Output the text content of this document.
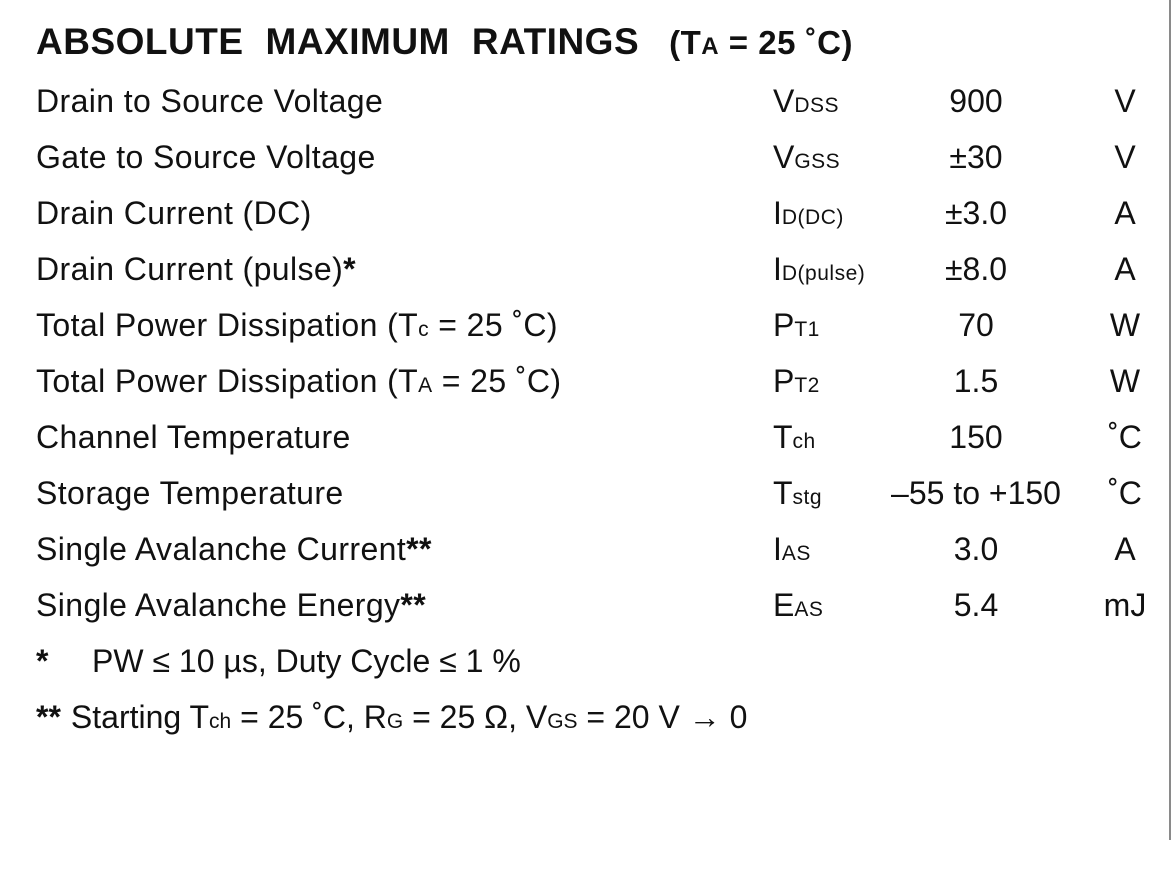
ABSOLUTE MAXIMUM RATINGS (TA = 25 ˚C)
Drain to Source Voltage	VDSS	900	V
Gate to Source Voltage	VGSS	±30	V
Drain Current (DC)	ID(DC)	±3.0	A
Drain Current (pulse)*	ID(pulse)	±8.0	A
Total Power Dissipation (Tc = 25 ˚C)	PT1	70	W
Total Power Dissipation (TA = 25 ˚C)	PT2	1.5	W
Channel Temperature	Tch	150	˚C
Storage Temperature	Tstg	–55 to +150	˚C
Single Avalanche Current**	IAS	3.0	A
Single Avalanche Energy**	EAS	5.4	mJ
* PW ≤ 10 µs, Duty Cycle ≤ 1 %
** Starting Tch = 25 ˚C, RG = 25 Ω, VGS = 20 V → 0
